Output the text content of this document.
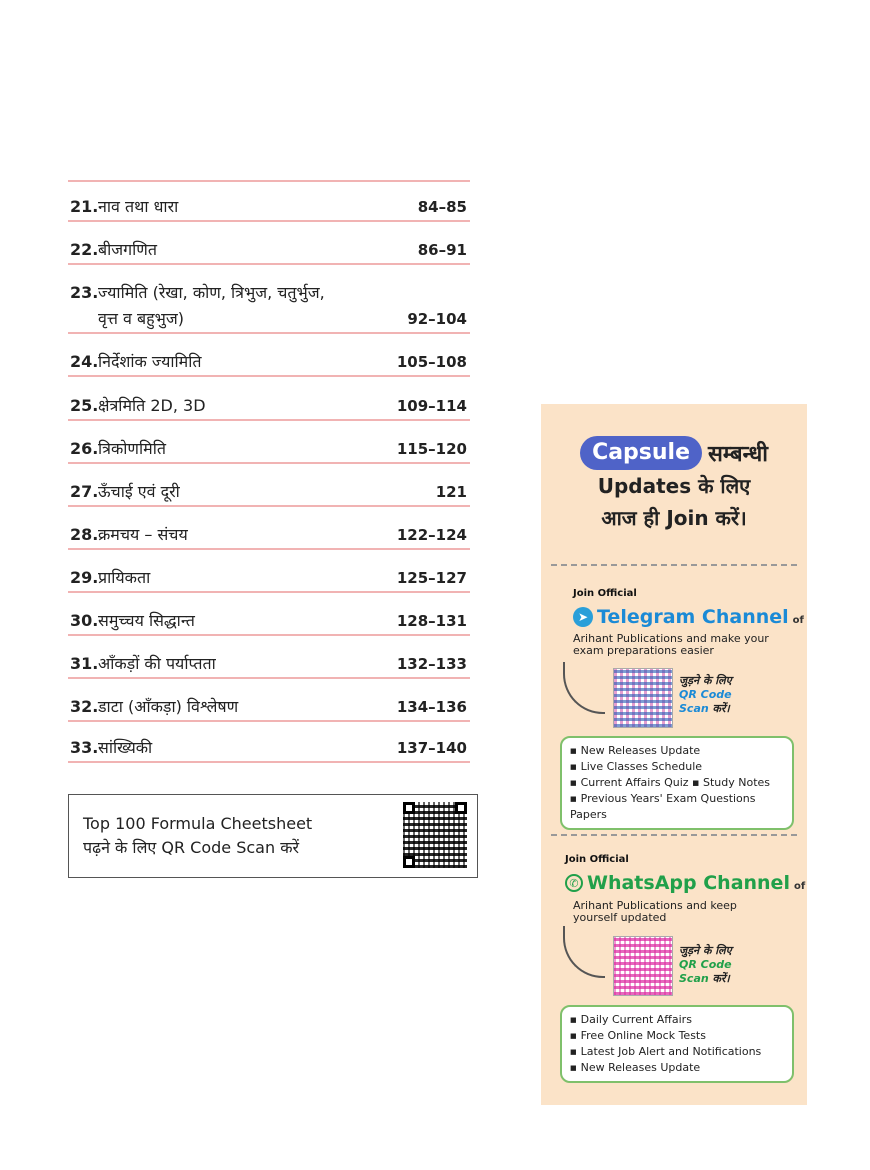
21. नाव तथा धारा	84–85
22. बीजगणित	86–91
23. ज्यामिति (रेखा, कोण, त्रिभुज, चतुर्भुज,
वृत्त व बहुभुज)	92–104
24. निर्देशांक ज्यामिति	105–108
25. क्षेत्रमिति 2D, 3D	109–114
26. त्रिकोणमिति	115–120
27. ऊँचाई एवं दूरी	121
28. क्रमचय – संचय	122–124
29. प्रायिकता	125–127
30. समुच्चय सिद्धान्त	128–131
31. आँकड़ों की पर्याप्तता	132–133
32. डाटा (आँकड़ा) विश्लेषण	134–136
33. सांख्यिकी	137–140
Top 100 Formula Cheetsheet
पढ़ने के लिए QR Code Scan करें
Capsule सम्बन्धी
Updates के लिए
आज ही Join करें।
Join Official
➤ Telegram Channel of
Arihant Publications and make your exam preparations easier
जुड़ने के लिए
QR Code
Scan करें।
■ New Releases Update
■ Live Classes Schedule
■ Current Affairs Quiz ▪ Study Notes
■ Previous Years' Exam Questions Papers
Join Official
✆ WhatsApp Channel of
Arihant Publications and keep yourself updated
जुड़ने के लिए
QR Code
Scan करें।
■ Daily Current Affairs
■ Free Online Mock Tests
■ Latest Job Alert and Notifications
■ New Releases Update
